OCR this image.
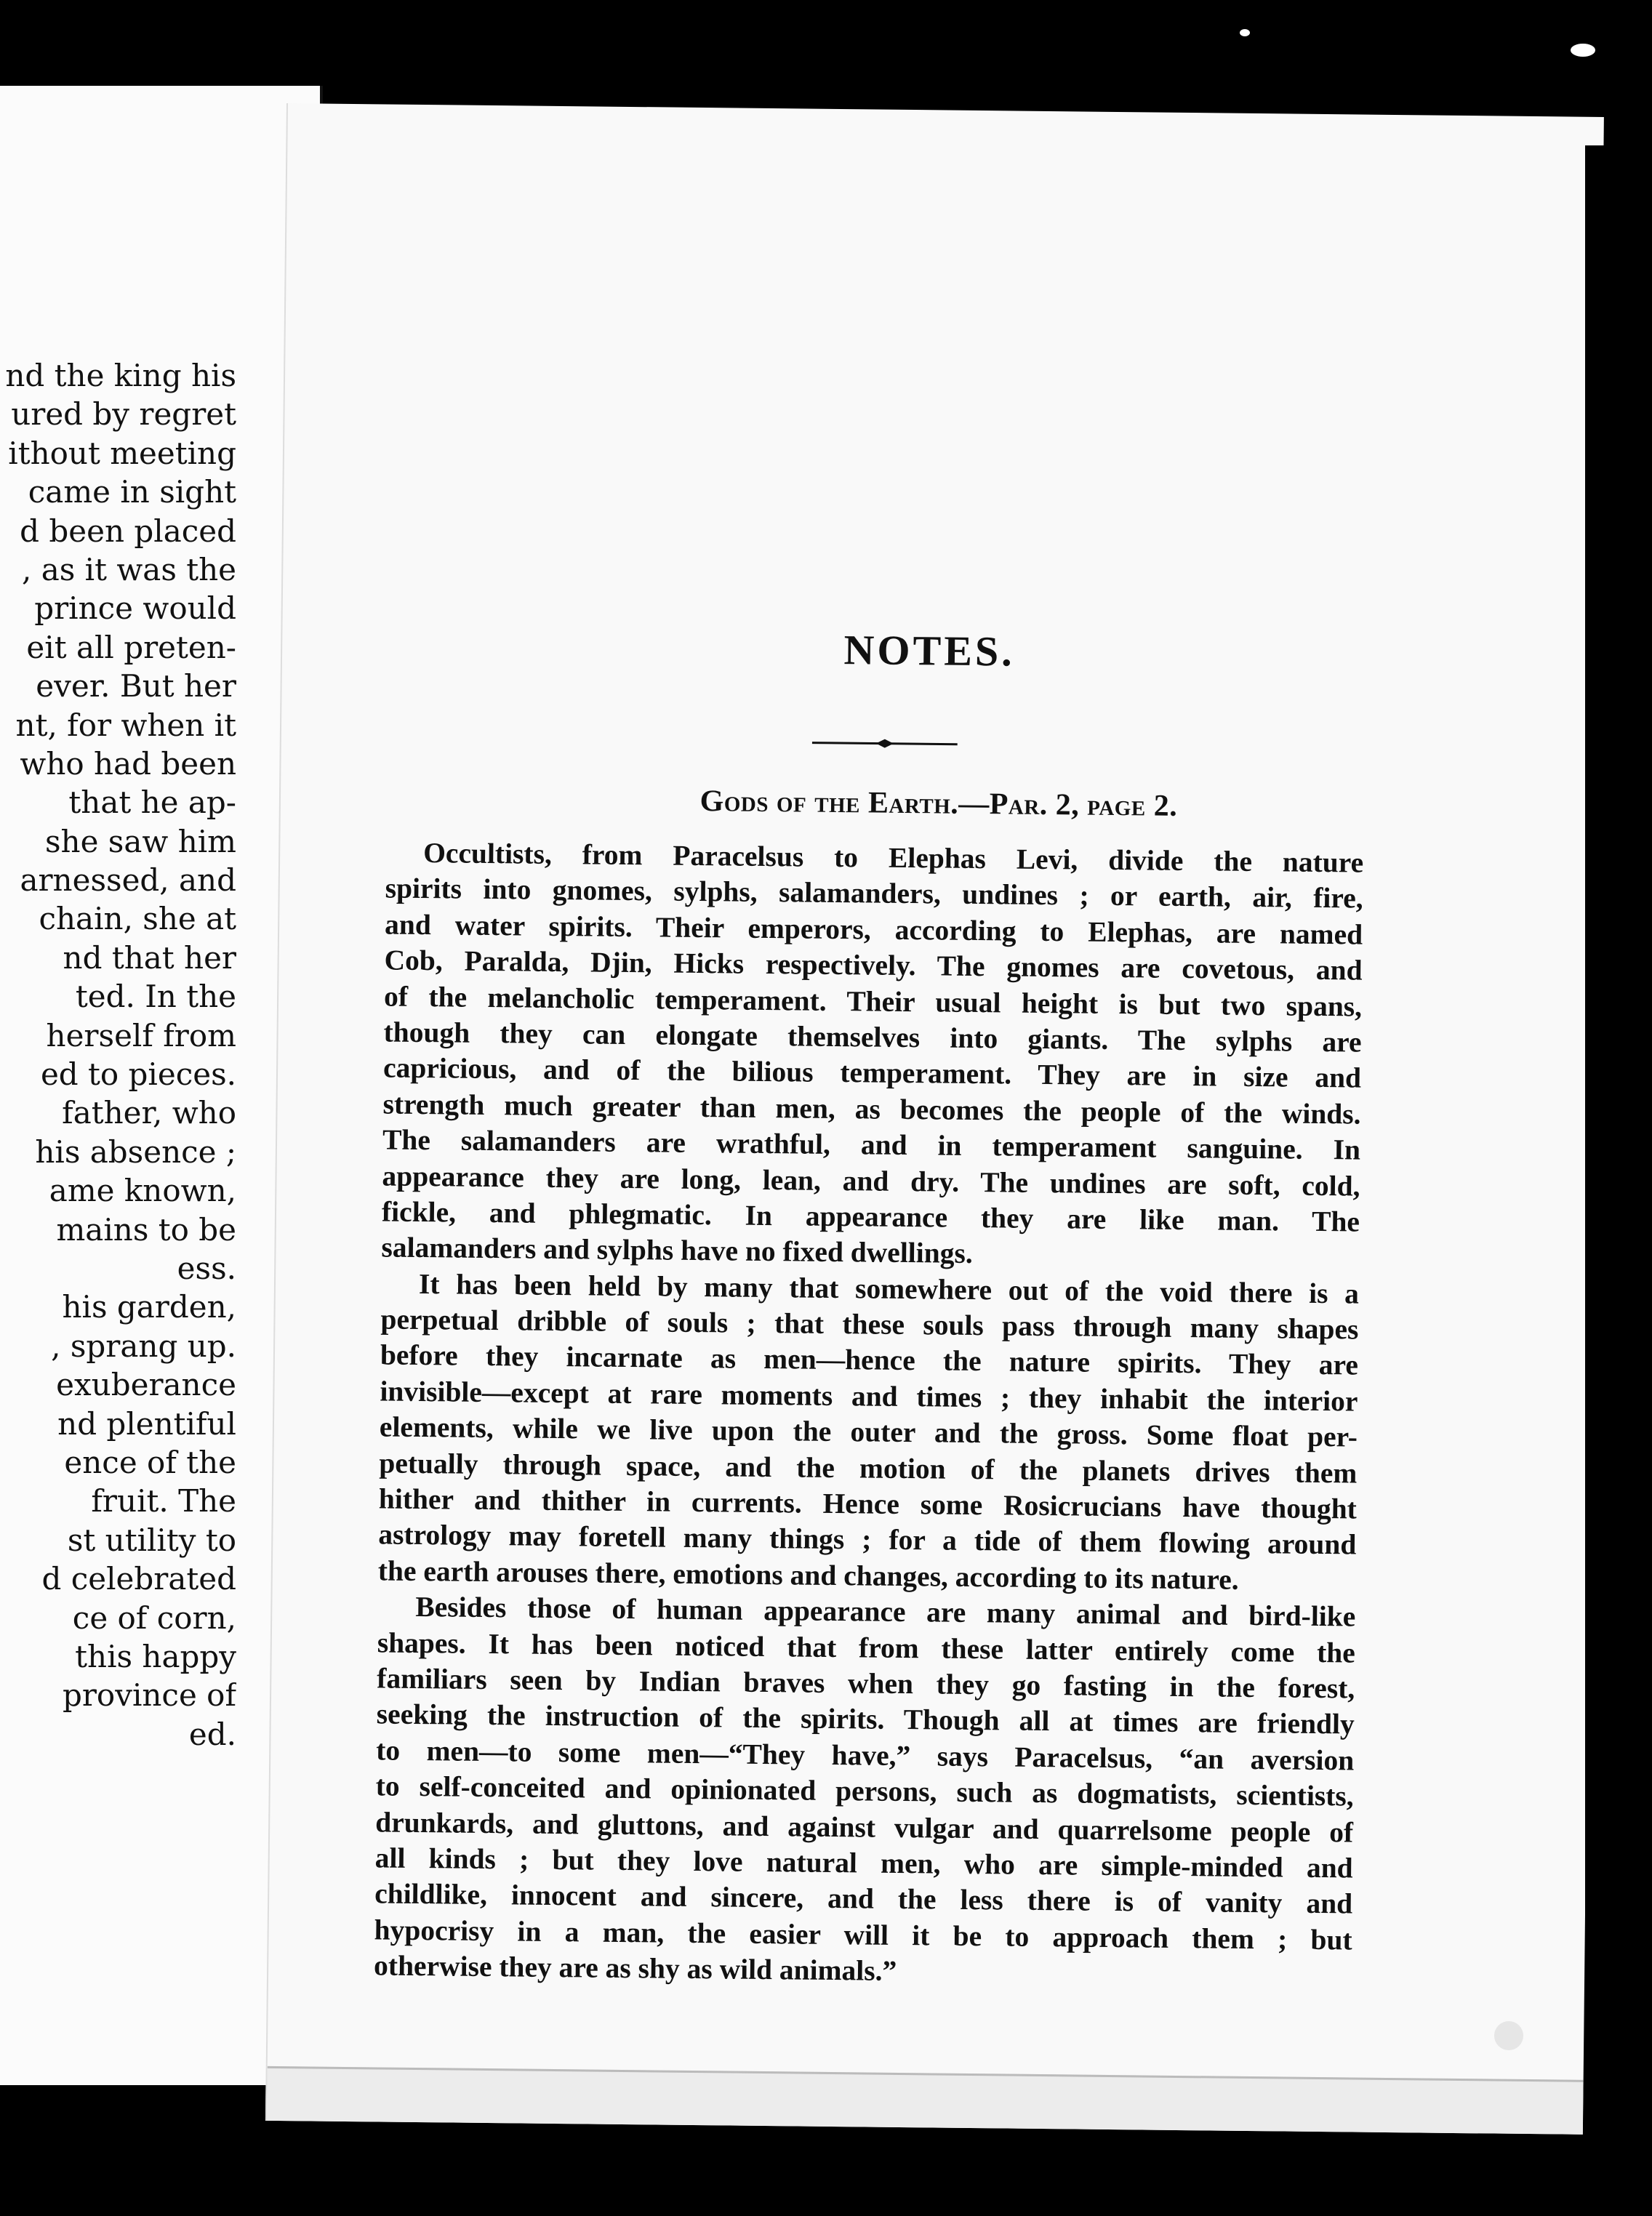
nd the king his
ured by regret
ithout meeting
came in sight
d been placed
, as it was the
prince would
eit all preten-
ever. But her
nt, for when it
who had been
that he ap-
she saw him
arnessed, and
chain, she at
nd that her
ted. In the
herself from
ed to pieces.
father, who
his absence ;
ame known,
mains to be
ess.
his garden,
, sprang up.
exuberance
nd plentiful
ence of the
fruit. The
st utility to
d celebrated
ce of corn,
this happy
province of
ed.
NOTES.
Gods of the Earth.—Par. 2, page 2.
Occultists, from Paracelsus to Elephas Levi, divide the nature
spirits into gnomes, sylphs, salamanders, undines ; or earth, air, fire,
and water spirits. Their emperors, according to Elephas, are named
Cob, Paralda, Djin, Hicks respectively. The gnomes are covetous, and
of the melancholic temperament. Their usual height is but two spans,
though they can elongate themselves into giants. The sylphs are
capricious, and of the bilious temperament. They are in size and
strength much greater than men, as becomes the people of the winds.
The salamanders are wrathful, and in temperament sanguine. In
appearance they are long, lean, and dry. The undines are soft, cold,
fickle, and phlegmatic. In appearance they are like man. The
salamanders and sylphs have no fixed dwellings.
It has been held by many that somewhere out of the void there is a
perpetual dribble of souls ; that these souls pass through many shapes
before they incarnate as men—hence the nature spirits. They are
invisible—except at rare moments and times ; they inhabit the interior
elements, while we live upon the outer and the gross. Some float per-
petually through space, and the motion of the planets drives them
hither and thither in currents. Hence some Rosicrucians have thought
astrology may foretell many things ; for a tide of them flowing around
the earth arouses there, emotions and changes, according to its nature.
Besides those of human appearance are many animal and bird-like
shapes. It has been noticed that from these latter entirely come the
familiars seen by Indian braves when they go fasting in the forest,
seeking the instruction of the spirits. Though all at times are friendly
to men—to some men—“They have,” says Paracelsus, “an aversion
to self-conceited and opinionated persons, such as dogmatists, scientists,
drunkards, and gluttons, and against vulgar and quarrelsome people of
all kinds ; but they love natural men, who are simple-minded and
childlike, innocent and sincere, and the less there is of vanity and
hypocrisy in a man, the easier will it be to approach them ; but
otherwise they are as shy as wild animals.”
